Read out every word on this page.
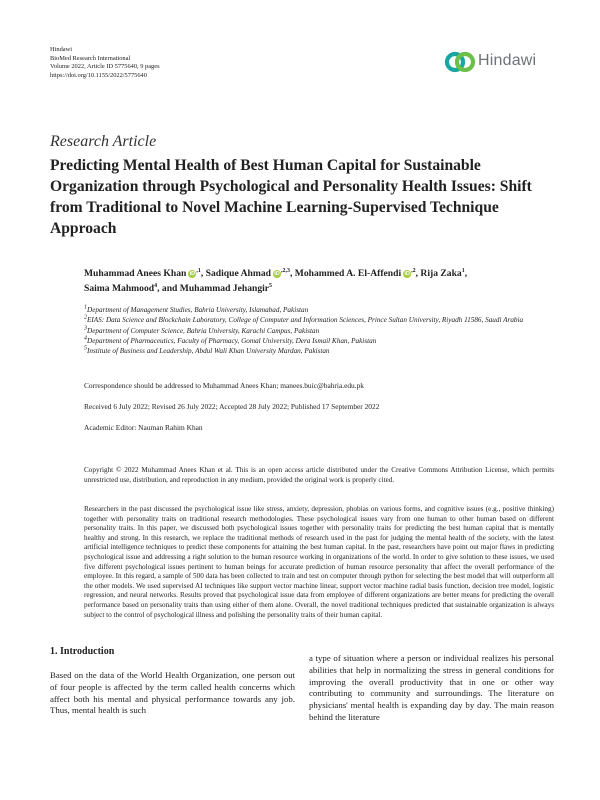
Hindawi
BioMed Research International
Volume 2022, Article ID 5775640, 9 pages
https://doi.org/10.1155/2022/5775640
Hindawi
Research Article
Predicting Mental Health of Best Human Capital for Sustainable Organization through Psychological and Personality Health Issues: Shift from Traditional to Novel Machine Learning-Supervised Technique Approach
Muhammad Anees Khan $iD^{,1}$, Sadique Ahmad $iD^{,2,3}$, Mohammed A. El-Affendi $iD^{,2}$, Rija Zaka$^1$,
Saima Mahmood$^4$, and Muhammad Jehangir$^5$
$^1$Department of Management Studies, Bahria University, Islamabad, Pakistan
$^2$EIAS: Data Science and Blockchain Laboratory, College of Computer and Information Sciences, Prince Sultan University, Riyadh 11586, Saudi Arabia
$^3$Department of Computer Science, Bahria University, Karachi Campus, Pakistan
$^4$Department of Pharmaceutics, Faculty of Pharmacy, Gomal University, Dera Ismail Khan, Pakistan
$^5$Institute of Business and Leadership, Abdul Wali Khan University Mardan, Pakistan
Correspondence should be addressed to Muhammad Anees Khan; manees.buic@bahria.edu.pk
Received 6 July 2022; Revised 26 July 2022; Accepted 28 July 2022; Published 17 September 2022
Academic Editor: Nauman Rahim Khan
Copyright © 2022 Muhammad Anees Khan et al. This is an open access article distributed under the Creative Commons Attribution License, which permits unrestricted use, distribution, and reproduction in any medium, provided the original work is properly cited.

Researchers in the past discussed the psychological issue like stress, anxiety, depression, phobias on various forms, and cognitive issues (e.g., positive thinking) together with personality traits on traditional research methodologies. These psychological issues vary from one human to other human based on different personality traits. In this paper, we discussed both psychological issues together with personality traits for predicting the best human capital that is mentally healthy and strong. In this research, we replace the traditional methods of research used in the past for judging the mental health of the society, with the latest artificial intelligence techniques to predict these components for attaining the best human capital. In the past, researchers have point out major flaws in predicting psychological issue and addressing a right solution to the human resource working in organizations of the world. In order to give solution to these issues, we used five different psychological issues pertinent to human beings for accurate prediction of human resource personality that affect the overall performance of the employee. In this regard, a sample of 500 data has been collected to train and test on computer through python for selecting the best model that will outperform all the other models. We used supervised AI techniques like support vector machine linear, support vector machine radial basis function, decision tree model, logistic regression, and neural networks. Results proved that psychological issue data from employee of different organizations are better means for predicting the overall performance based on personality traits than using either of them alone. Overall, the novel traditional techniques predicted that sustainable organization is always subject to the control of psychological illness and polishing the personality traits of their human capital.

1. Introduction

Based on the data of the World Health Organization, one person out of four people is affected by the term called health concerns which affect both his mental and physical performance towards any job. Thus, mental health is such

a type of situation where a person or individual realizes his personal abilities that help in normalizing the stress in general conditions for improving the overall productivity that in one or other way contributing to community and surroundings. The literature on physicians' mental health is expanding day by day. The main reason behind the literature
